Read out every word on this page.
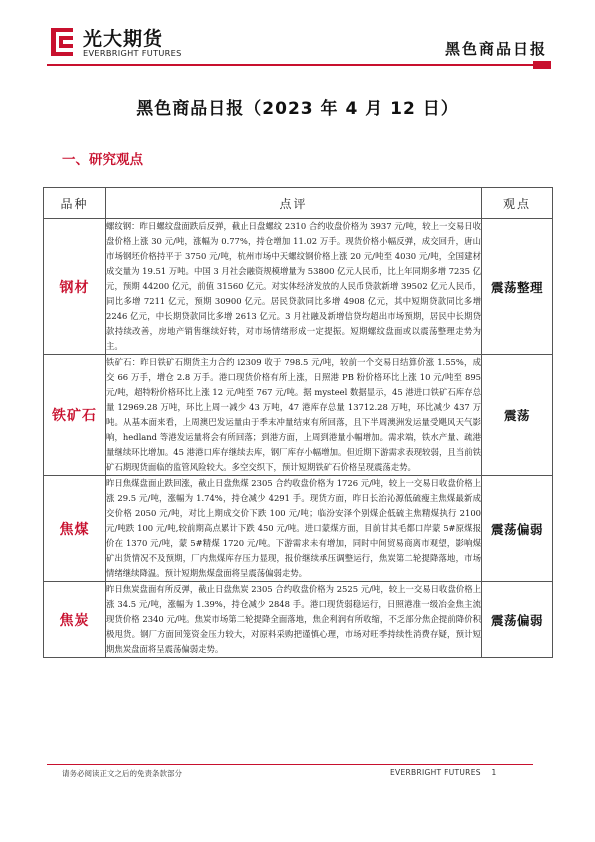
光大期货
EVERBRIGHT FUTURES	黑色商品日报
黑色商品日报（2023 年 4 月 12 日）
一、研究观点
品种	点评	观点
钢材	螺纹钢：昨日螺纹盘面跌后反弹，截止日盘螺纹 2310 合约收盘价格为 3937 元/吨，较上一交易日收盘价格上涨 30 元/吨，涨幅为 0.77%，持仓增加 11.02 万手。现货价格小幅反弹，成交回升，唐山市场钢坯价格持平于 3750 元/吨，杭州市场中天螺纹钢价格上涨 20 元/吨至 4030 元/吨，全国建材成交量为 19.51 万吨。中国 3 月社会融资规模增量为 53800 亿元人民币，比上年同期多增 7235 亿元，预期 44200 亿元，前值 31560 亿元。对实体经济发放的人民币贷款新增 39502 亿元人民币，同比多增 7211 亿元，预期 30900 亿元。居民贷款同比多增 4908 亿元，其中短期贷款同比多增 2246 亿元，中长期贷款同比多增 2613 亿元。3 月社融及新增信贷均超出市场预期，居民中长期贷款持续改善，房地产销售继续好转，对市场情绪形成一定提振。短期螺纹盘面或以震荡整理走势为主。	震荡整理
铁矿石	铁矿石：昨日铁矿石期货主力合约 i2309 收于 798.5 元/吨，较前一个交易日结算价涨 1.55%，成交 66 万手，增仓 2.8 万手。港口现货价格有所上涨，日照港 PB 粉价格环比上涨 10 元/吨至 895 元/吨，超特粉价格环比上涨 12 元/吨至 767 元/吨。据 mysteel 数据显示，45 港进口铁矿石库存总量 12969.28 万吨，环比上周一减少 43 万吨，47 港库存总量 13712.28 万吨，环比减少 437 万吨。从基本面来看，上周澳巴发运量由于季末冲量结束有所回落，且下半周澳洲发运量受飓风天气影响，hedland 等港发运量将会有所回落；到港方面，上周到港量小幅增加。需求端，铁水产量、疏港量继续环比增加。45 港港口库存继续去库，钢厂库存小幅增加。但近期下游需求表现较弱，且当前铁矿石期现货面临的监管风险较大。多空交织下，预计短期铁矿石价格呈现震荡走势。	震荡
焦煤	昨日焦煤盘面止跌回涨，截止日盘焦煤 2305 合约收盘价格为 1726 元/吨，较上一交易日收盘价格上涨 29.5 元/吨，涨幅为 1.74%，持仓减少 4291 手。现货方面，昨日长治沁源低硫瘦主焦煤最新成交价格 2050 元/吨，对比上期成交价下跌 100 元/吨；临汾安泽个别煤企低硫主焦精煤执行 2100 元/吨跌 100 元/吨,较前期高点累计下跌 450 元/吨。进口蒙煤方面，目前甘其毛都口岸蒙 5#原煤报价在 1370 元/吨，蒙 5#精煤 1720 元/吨。下游需求未有增加，同时中间贸易商离市观望，影响煤矿出货情况不及预期，厂内焦煤库存压力显现，报价继续承压调整运行，焦炭第二轮提降落地，市场情绪继续降温。预计短期焦煤盘面将呈震荡偏弱走势。	震荡偏弱
焦炭	昨日焦炭盘面有所反弹，截止日盘焦炭 2305 合约收盘价格为 2525 元/吨，较上一交易日收盘价格上涨 34.5 元/吨，涨幅为 1.39%，持仓减少 2848 手。港口现货弱稳运行，日照港准一级冶金焦主流现货价格 2340 元/吨。焦炭市场第二轮提降全面落地，焦企利润有所收缩，不乏部分焦企提前降价积极甩货。钢厂方面回笼资金压力较大，对原料采购把谨慎心理，市场对旺季持续性消费存疑，预计短期焦炭盘面将呈震荡偏弱走势。	震荡偏弱
请务必阅读正文之后的免责条款部分	EVERBRIGHT FUTURES 1
